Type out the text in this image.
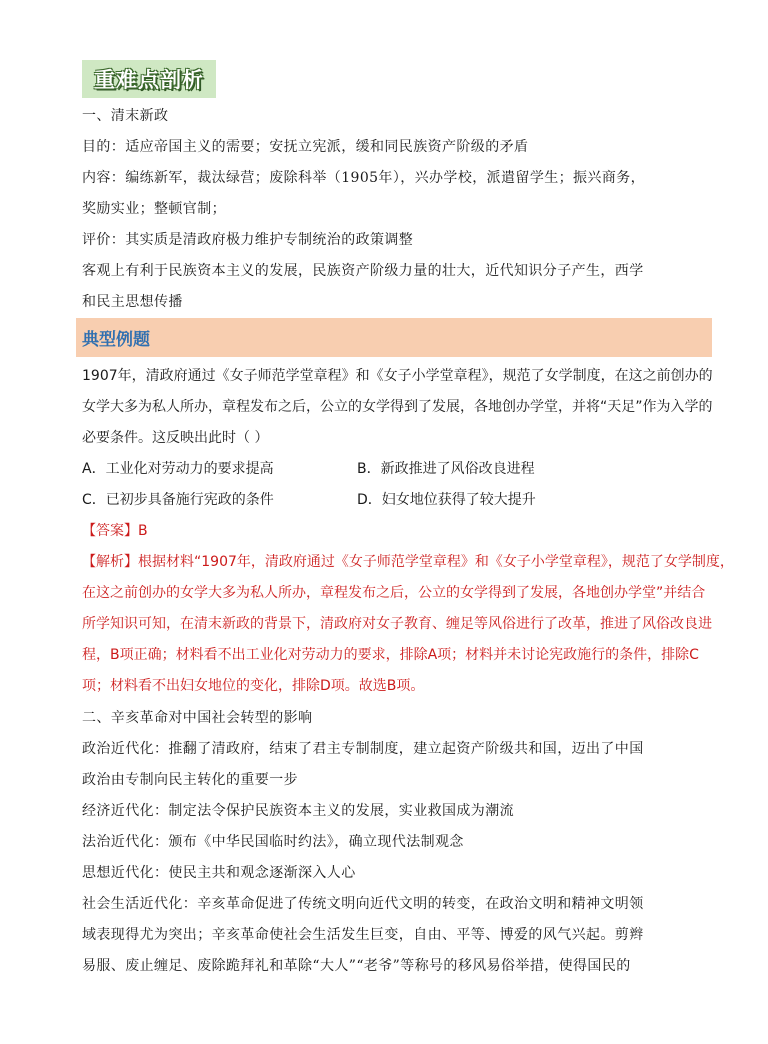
重难点剖析
一、清末新政
目的：适应帝国主义的需要；安抚立宪派，缓和同民族资产阶级的矛盾
内容：编练新军，裁汰绿营；废除科举（1905年），兴办学校，派遣留学生；振兴商务，
奖励实业；整顿官制；
评价：其实质是清政府极力维护专制统治的政策调整
客观上有利于民族资本主义的发展，民族资产阶级力量的壮大，近代知识分子产生，西学
和民主思想传播
典型例题
1907年，清政府通过《女子师范学堂章程》和《女子小学堂章程》，规范了女学制度，在这之前创办的
女学大多为私人所办，章程发布之后，公立的女学得到了发展，各地创办学堂，并将“天足”作为入学的
必要条件。这反映出此时（ ）
A．工业化对劳动力的要求提高	B．新政推进了风俗改良进程
C．已初步具备施行宪政的条件	D．妇女地位获得了较大提升
【答案】B
【解析】根据材料“1907年，清政府通过《女子师范学堂章程》和《女子小学堂章程》，规范了女学制度，
在这之前创办的女学大多为私人所办，章程发布之后，公立的女学得到了发展，各地创办学堂”并结合
所学知识可知，在清末新政的背景下，清政府对女子教育、缠足等风俗进行了改革，推进了风俗改良进
程，B项正确；材料看不出工业化对劳动力的要求，排除A项；材料并未讨论宪政施行的条件，排除C
项；材料看不出妇女地位的变化，排除D项。故选B项。
二、辛亥革命对中国社会转型的影响
政治近代化：推翻了清政府，结束了君主专制制度，建立起资产阶级共和国，迈出了中国
政治由专制向民主转化的重要一步
经济近代化：制定法令保护民族资本主义的发展，实业救国成为潮流
法治近代化：颁布《中华民国临时约法》，确立现代法制观念
思想近代化：使民主共和观念逐渐深入人心
社会生活近代化：辛亥革命促进了传统文明向近代文明的转变，在政治文明和精神文明领
域表现得尤为突出；辛亥革命使社会生活发生巨变，自由、平等、博爱的风气兴起。剪辫
易服、废止缠足、废除跪拜礼和革除“大人”“老爷”等称号的移风易俗举措，使得国民的
